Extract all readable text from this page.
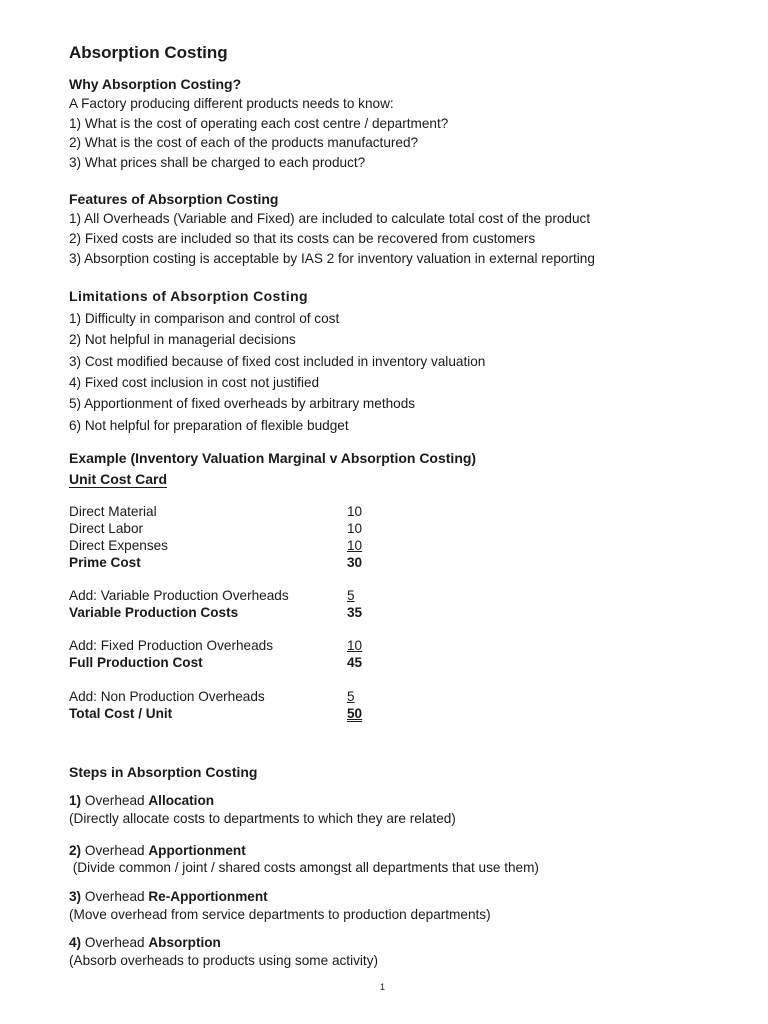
Absorption Costing
Why Absorption Costing?
A Factory producing different products needs to know:
1) What is the cost of operating each cost centre / department?
2) What is the cost of each of the products manufactured?
3) What prices shall be charged to each product?
Features of Absorption Costing
1) All Overheads (Variable and Fixed) are included to calculate total cost of the product
2) Fixed costs are included so that its costs can be recovered from customers
3) Absorption costing is acceptable by IAS 2 for inventory valuation in external reporting
Limitations of Absorption Costing
1) Difficulty in comparison and control of cost
2) Not helpful in managerial decisions
3) Cost modified because of fixed cost included in inventory valuation
4) Fixed cost inclusion in cost not justified
5) Apportionment of fixed overheads by arbitrary methods
6) Not helpful for preparation of flexible budget
Example (Inventory Valuation Marginal v Absorption Costing)
Unit Cost Card
Direct Material	10
Direct Labor	10
Direct Expenses	10
Prime Cost	30
Add: Variable Production Overheads	5
Variable Production Costs	35
Add: Fixed Production Overheads	10
Full Production Cost	45
Add: Non Production Overheads	5
Total Cost / Unit	50
Steps in Absorption Costing
1) Overhead Allocation
(Directly allocate costs to departments to which they are related)
2) Overhead Apportionment
(Divide common / joint / shared costs amongst all departments that use them)
3) Overhead Re-Apportionment
(Move overhead from service departments to production departments)
4) Overhead Absorption
(Absorb overheads to products using some activity)
1
